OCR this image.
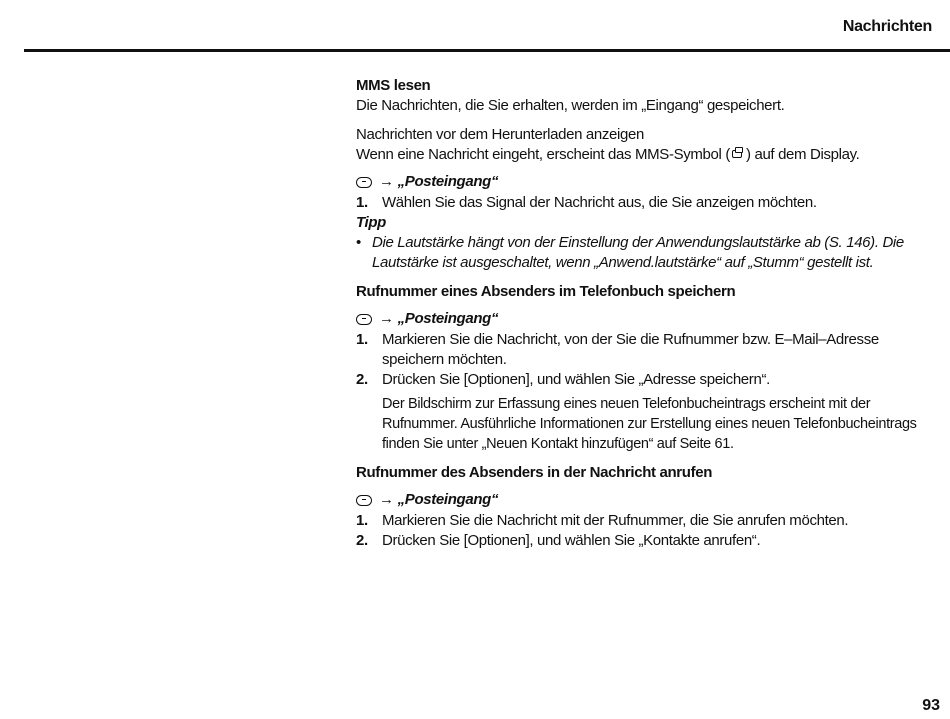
Nachrichten

MMS lesen

Die Nachrichten, die Sie erhalten, werden im „Eingang“ gespeichert.

Nachrichten vor dem Herunterladen anzeigen

Wenn eine Nachricht eingeht, erscheint das MMS-Symbol ( ) auf dem Display.

→ „Posteingang“
1. Wählen Sie das Signal der Nachricht aus, die Sie anzeigen möchten.

Tipp

• Die Lautstärke hängt von der Einstellung der Anwendungslautstärke ab (S. 146). Die Lautstärke ist ausgeschaltet, wenn „Anwend.lautstärke“ auf „Stumm“ gestellt ist.

Rufnummer eines Absenders im Telefonbuch speichern

→ „Posteingang“
1. Markieren Sie die Nachricht, von der Sie die Rufnummer bzw. E–Mail–Adresse speichern möchten.
2. Drücken Sie [Optionen], und wählen Sie „Adresse speichern“.

Der Bildschirm zur Erfassung eines neuen Telefonbucheintrags erscheint mit der Rufnummer. Ausführliche Informationen zur Erstellung eines neuen Telefonbucheintrags finden Sie unter „Neuen Kontakt hinzufügen“ auf Seite 61.

Rufnummer des Absenders in der Nachricht anrufen

→ „Posteingang“
1. Markieren Sie die Nachricht mit der Rufnummer, die Sie anrufen möchten.
2. Drücken Sie [Optionen], und wählen Sie „Kontakte anrufen“.
93
